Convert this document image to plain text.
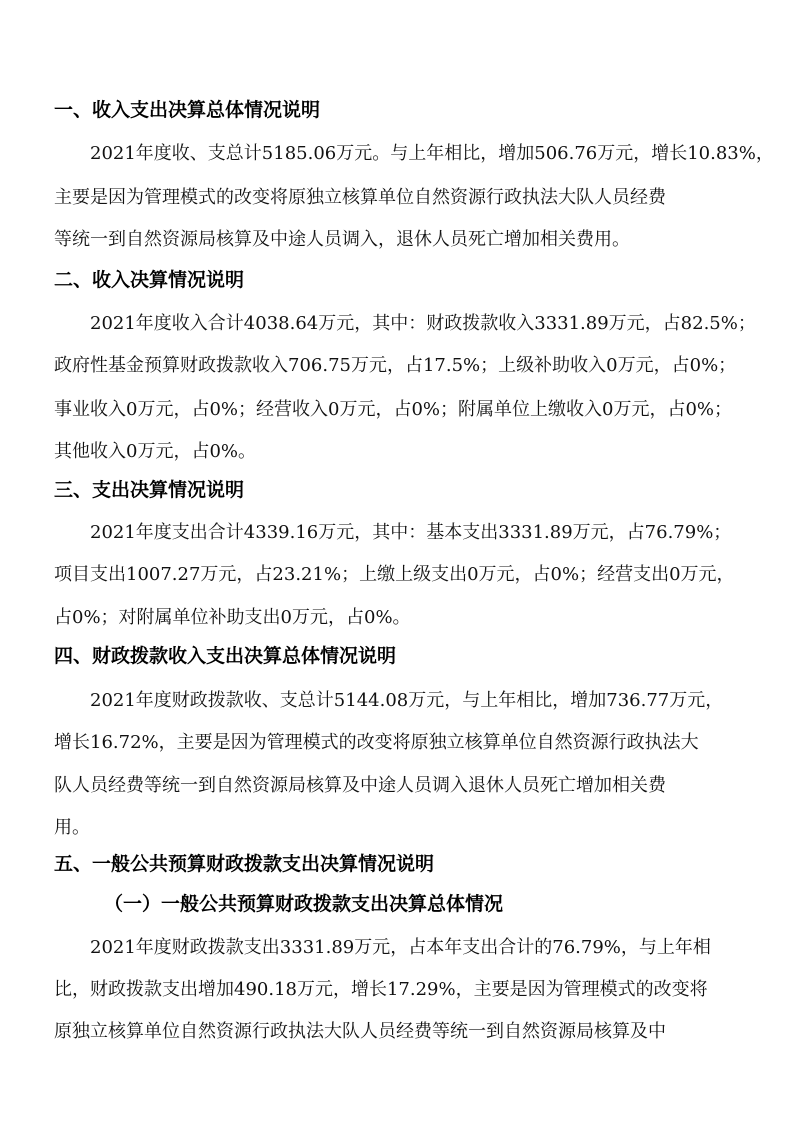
一、收入支出决算总体情况说明
2021年度收、支总计5185.06万元。与上年相比，增加506.76万元，增长10.83%，
主要是因为管理模式的改变将原独立核算单位自然资源行政执法大队人员经费
等统一到自然资源局核算及中途人员调入，退休人员死亡增加相关费用。
二、收入决算情况说明
2021年度收入合计4038.64万元，其中：财政拨款收入3331.89万元，占82.5%；
政府性基金预算财政拨款收入706.75万元，占17.5%；上级补助收入0万元，占0%；
事业收入0万元，占0%；经营收入0万元，占0%；附属单位上缴收入0万元，占0%；
其他收入0万元，占0%。
三、支出决算情况说明
2021年度支出合计4339.16万元，其中：基本支出3331.89万元，占76.79%；
项目支出1007.27万元，占23.21%；上缴上级支出0万元，占0%；经营支出0万元，
占0%；对附属单位补助支出0万元，占0%。
四、财政拨款收入支出决算总体情况说明
2021年度财政拨款收、支总计5144.08万元，与上年相比，增加736.77万元，
增长16.72%，主要是因为管理模式的改变将原独立核算单位自然资源行政执法大
队人员经费等统一到自然资源局核算及中途人员调入退休人员死亡增加相关费
用。
五、一般公共预算财政拨款支出决算情况说明
（一）一般公共预算财政拨款支出决算总体情况
2021年度财政拨款支出3331.89万元，占本年支出合计的76.79%，与上年相
比，财政拨款支出增加490.18万元，增长17.29%，主要是因为管理模式的改变将
原独立核算单位自然资源行政执法大队人员经费等统一到自然资源局核算及中
